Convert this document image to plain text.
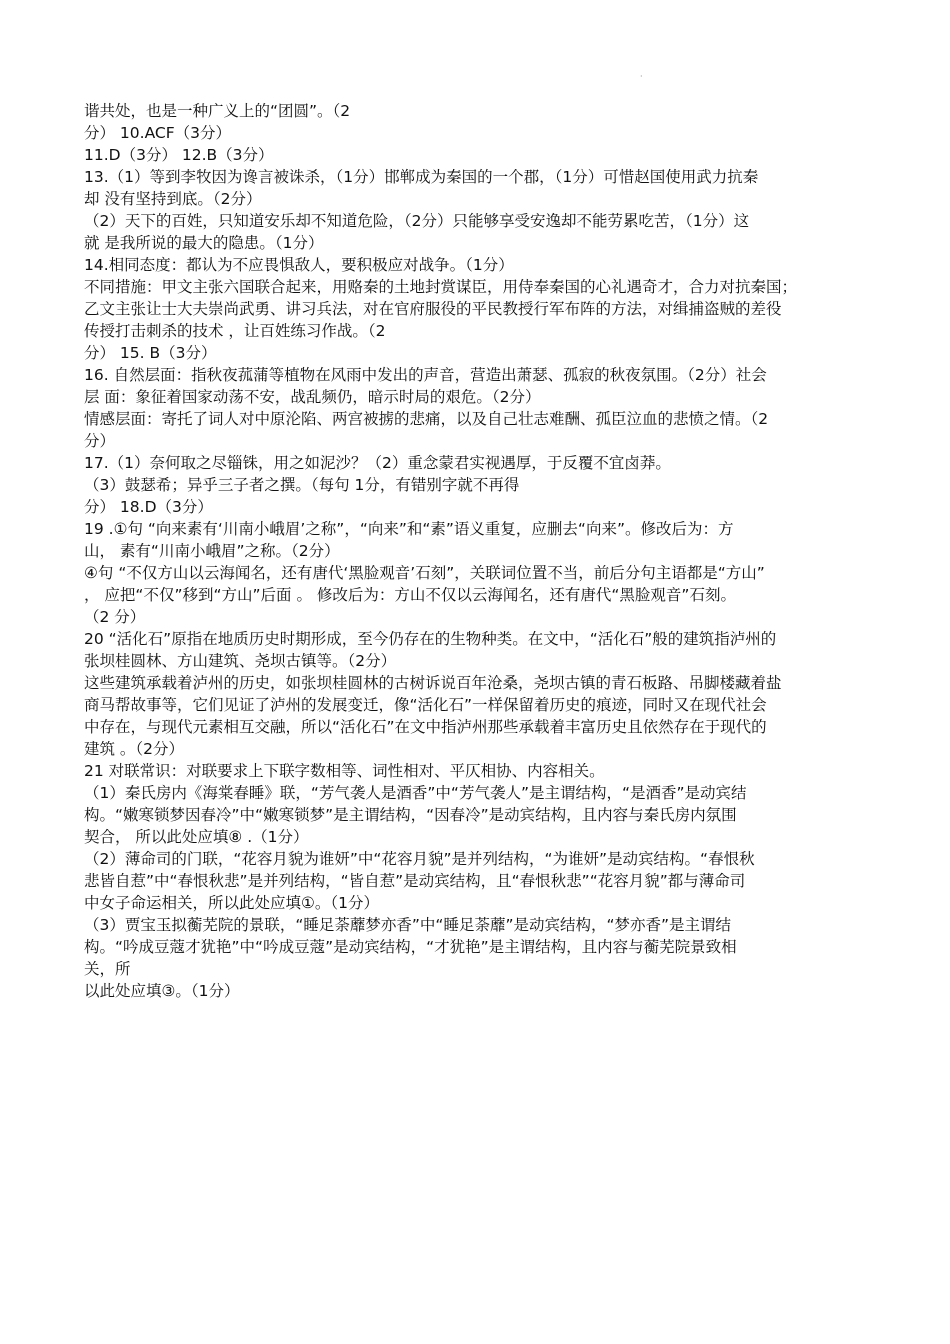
·
谐共处，也是一种广义上的“团圆”。（2
分） 10.ACF（3分）
11.D（3分） 12.B（3分）
13.（1）等到李牧因为谗言被诛杀，（1分）邯郸成为秦国的一个郡，（1分）可惜赵国使用武力抗秦
却 没有坚持到底。（2分）
（2）天下的百姓，只知道安乐却不知道危险，（2分）只能够享受安逸却不能劳累吃苦，（1分）这
就 是我所说的最大的隐患。（1分）
14.相同态度：都认为不应畏惧敌人，要积极应对战争。（1分）
不同措施：甲文主张六国联合起来，用赂秦的土地封赏谋臣，用侍奉秦国的心礼遇奇才，合力对抗秦国；
乙文主张让士大夫崇尚武勇、讲习兵法，对在官府服役的平民教授行军布阵的方法，对缉捕盗贼的差役
传授打击刺杀的技术 ，让百姓练习作战。（2
分） 15. B（3分）
16. 自然层面：指秋夜菰蒲等植物在风雨中发出的声音，营造出萧瑟、孤寂的秋夜氛围。（2分）社会
层 面：象征着国家动荡不安，战乱频仍，暗示时局的艰危。（2分）
情感层面：寄托了词人对中原沦陷、两宫被掳的悲痛，以及自己壮志难酬、孤臣泣血的悲愤之情。（2
分）
17.（1）奈何取之尽锱铢，用之如泥沙？（2）重念蒙君实视遇厚，于反覆不宜卤莽。
（3）鼓瑟希；异乎三子者之撰。（每句 1分，有错别字就不再得
分） 18.D（3分）
19 .①句 “向来素有‘川南小峨眉’之称”，“向来”和“素”语义重复，应删去“向来”。修改后为：方
山， 素有“川南小峨眉”之称。（2分）
④句 “不仅方山以云海闻名，还有唐代‘黑脸观音’石刻”，关联词位置不当，前后分句主语都是“方山”
， 应把“不仅”移到“方山”后面 。 修改后为：方山不仅以云海闻名，还有唐代“黑脸观音”石刻。
（2 分）
20 “活化石”原指在地质历史时期形成，至今仍存在的生物种类。在文中，“活化石”般的建筑指泸州的
张坝桂圆林、方山建筑、尧坝古镇等。（2分）
这些建筑承载着泸州的历史，如张坝桂圆林的古树诉说百年沧桑，尧坝古镇的青石板路、吊脚楼藏着盐
商马帮故事等，它们见证了泸州的发展变迁，像“活化石”一样保留着历史的痕迹，同时又在现代社会
中存在，与现代元素相互交融，所以“活化石”在文中指泸州那些承载着丰富历史且依然存在于现代的
建筑 。（2分）
21 对联常识：对联要求上下联字数相等、词性相对、平仄相协、内容相关。
（1）秦氏房内《海棠春睡》联，“芳气袭人是酒香”中“芳气袭人”是主谓结构，“是酒香”是动宾结
构。“嫩寒锁梦因春冷”中“嫩寒锁梦”是主谓结构，“因春冷”是动宾结构，且内容与秦氏房内氛围
契合， 所以此处应填⑧ .（1分）
（2）薄命司的门联，“花容月貌为谁妍”中“花容月貌”是并列结构，“为谁妍”是动宾结构。“春恨秋
悲皆自惹”中“春恨秋悲”是并列结构，“皆自惹”是动宾结构，且“春恨秋悲”“花容月貌”都与薄命司
中女子命运相关，所以此处应填①。（1分）
（3）贾宝玉拟蘅芜院的景联，“睡足荼蘼梦亦香”中“睡足荼蘼”是动宾结构，“梦亦香”是主谓结
构。“吟成豆蔻才犹艳”中“吟成豆蔻”是动宾结构，“才犹艳”是主谓结构，且内容与蘅芜院景致相
关，所
以此处应填③。（1分）
